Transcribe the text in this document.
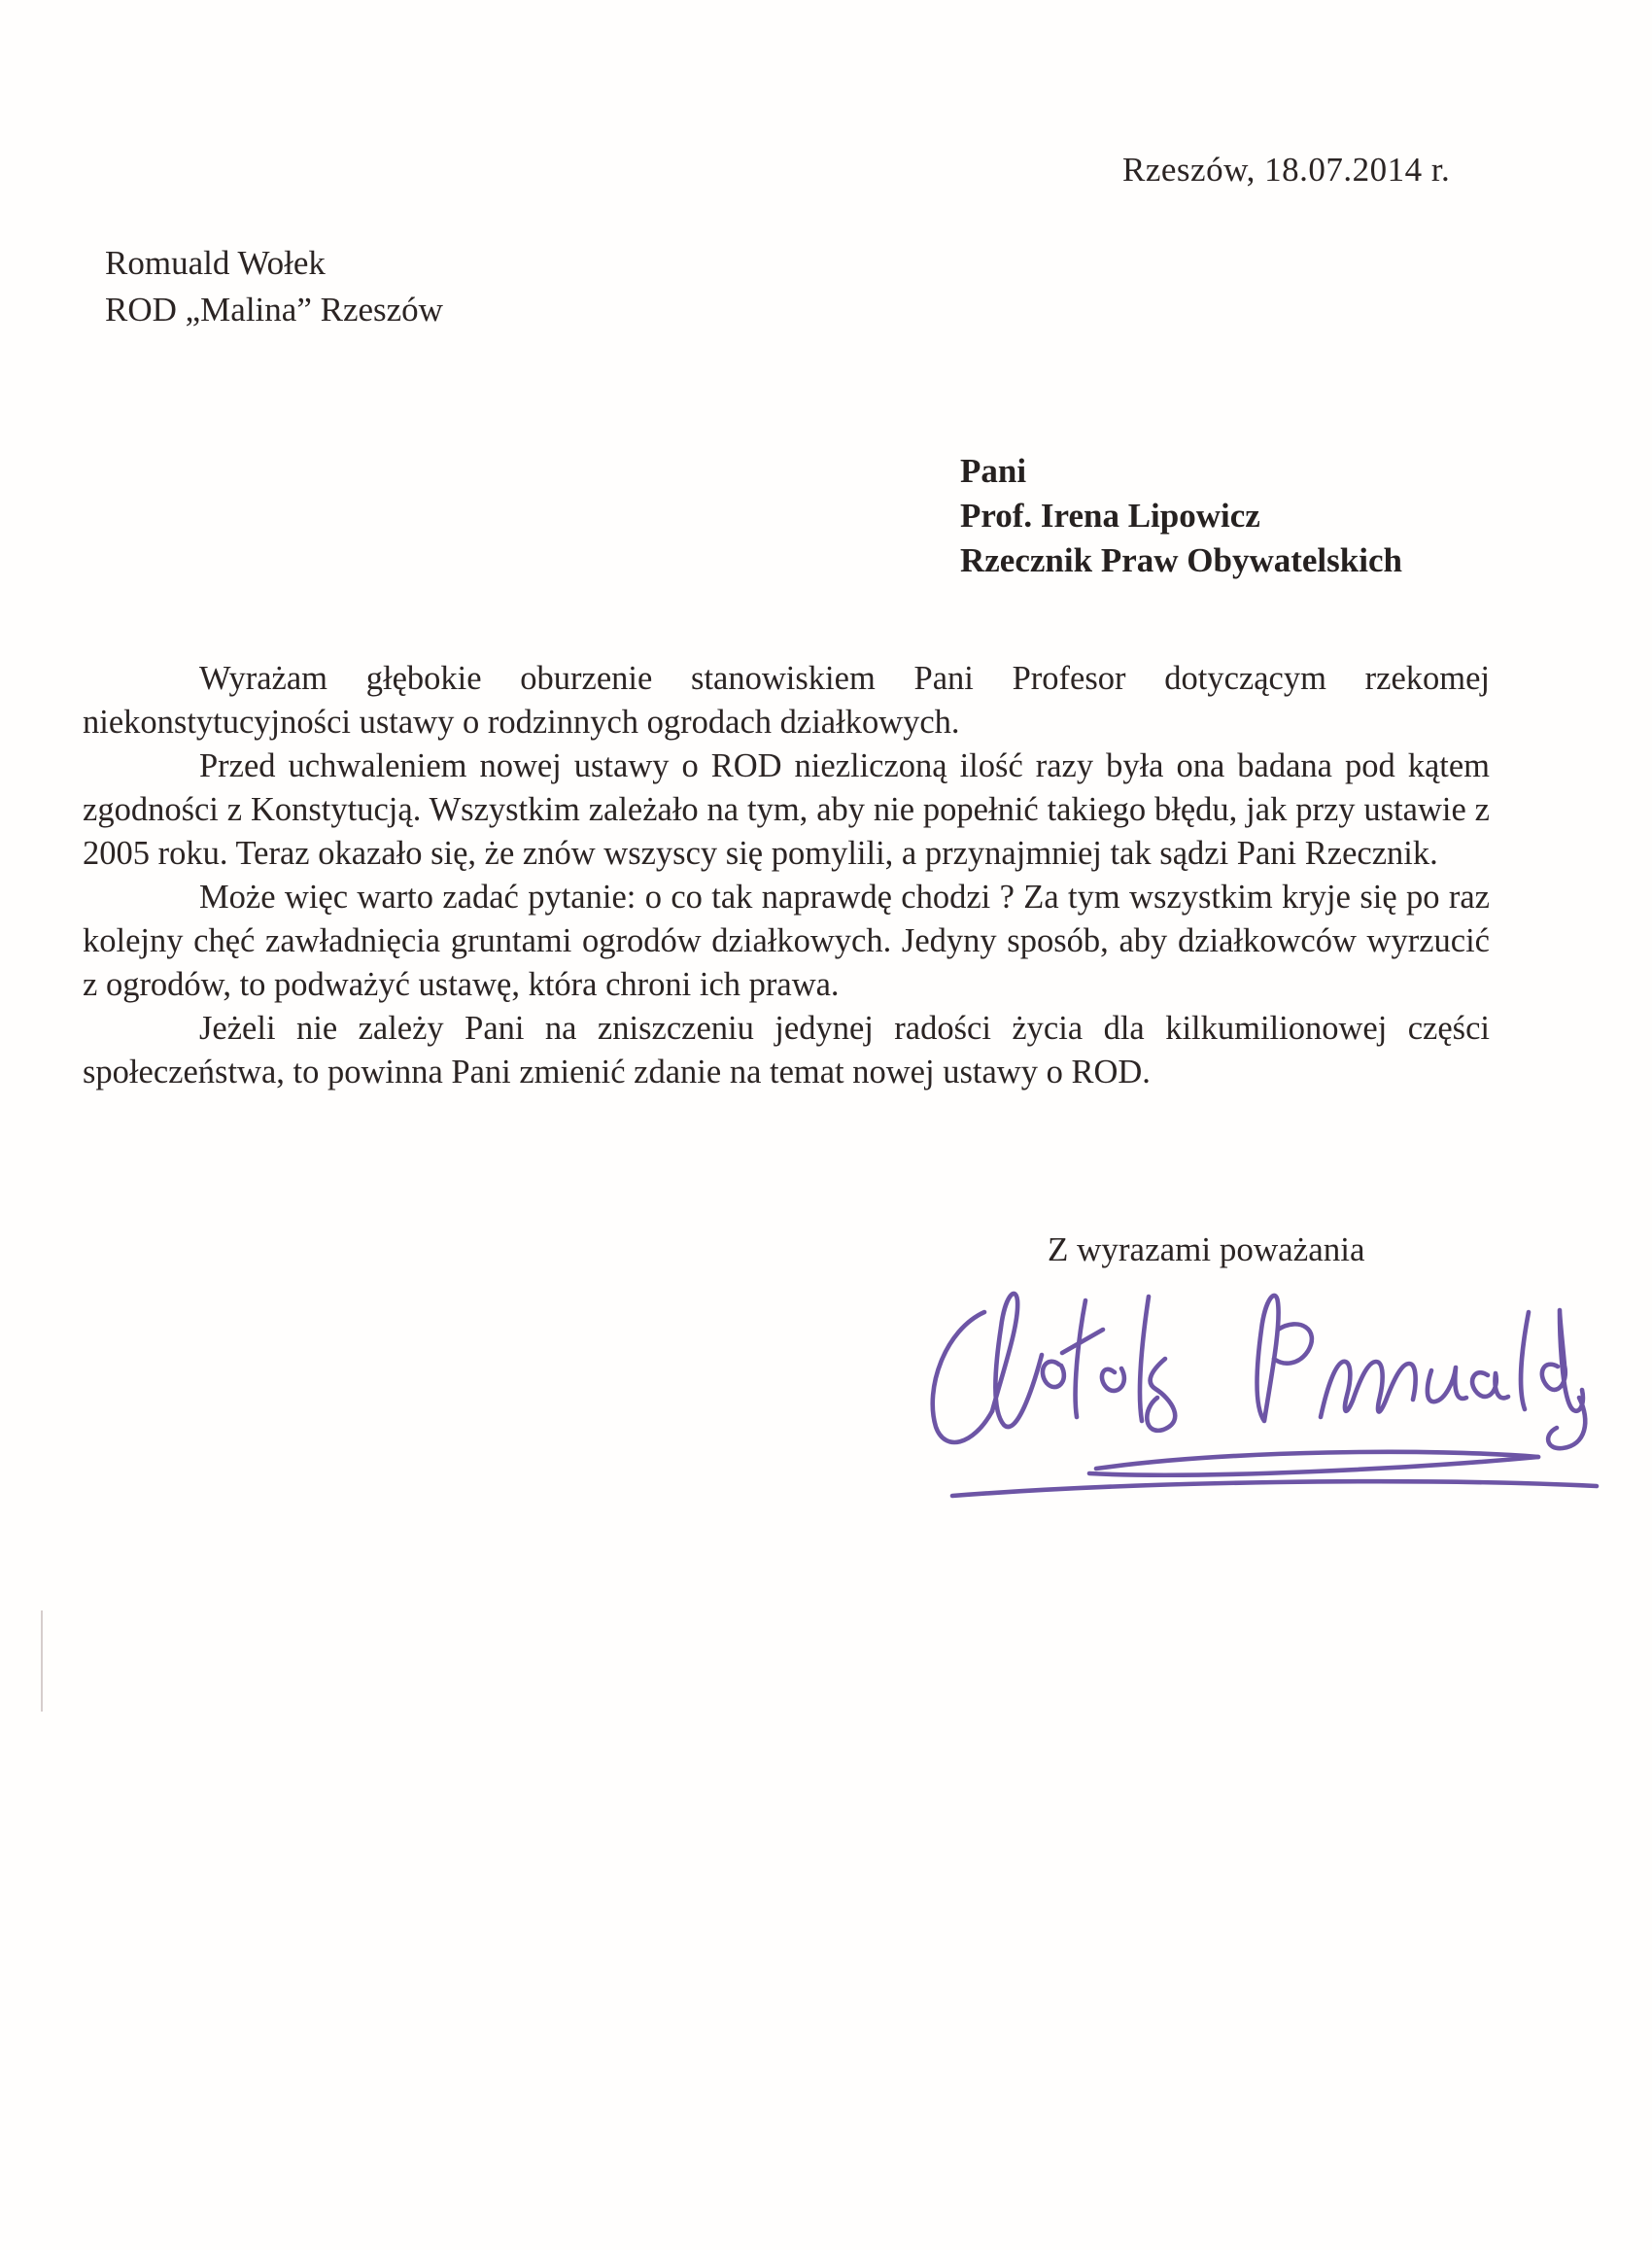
Rzeszów, 18.07.2014 r.
Romuald Wołek
ROD „Malina” Rzeszów
Pani
Prof. Irena Lipowicz
Rzecznik Praw Obywatelskich

Wyrażam głębokie oburzenie stanowiskiem Pani Profesor dotyczącym rzekomej niekonstytucyjności ustawy o rodzinnych ogrodach działkowych.

Przed uchwaleniem nowej ustawy o ROD niezliczoną ilość razy była ona badana pod kątem zgodności z Konstytucją. Wszystkim zależało na tym, aby nie popełnić takiego błędu, jak przy ustawie z 2005 roku. Teraz okazało się, że znów wszyscy się pomylili, a przynajmniej tak sądzi Pani Rzecznik.

Może więc warto zadać pytanie: o co tak naprawdę chodzi ? Za tym wszystkim kryje się po raz kolejny chęć zawładnięcia gruntami ogrodów działkowych. Jedyny sposób, aby działkowców wyrzucić z ogrodów, to podważyć ustawę, która chroni ich prawa.

Jeżeli nie zależy Pani na zniszczeniu jedynej radości życia dla kilkumilionowej części społeczeństwa, to powinna Pani zmienić zdanie na temat nowej ustawy o ROD.

Z wyrazami poważania
